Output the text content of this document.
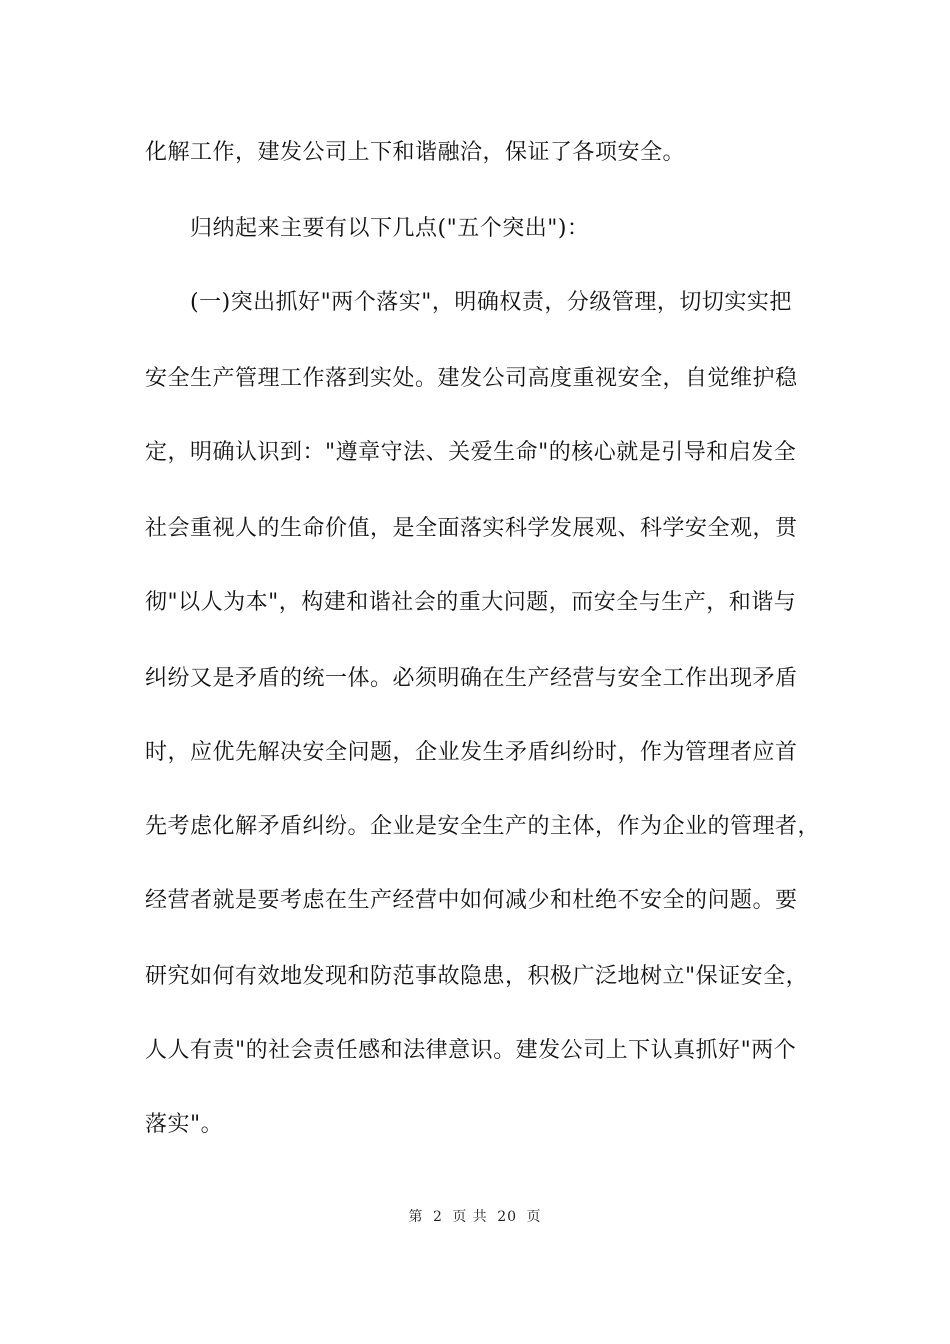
化解工作，建发公司上下和谐融洽，保证了各项安全。
　　归纳起来主要有以下几点("五个突出")：
　　(一)突出抓好"两个落实"，明确权责，分级管理，切切实实把
安全生产管理工作落到实处。建发公司高度重视安全，自觉维护稳
定，明确认识到："遵章守法、关爱生命"的核心就是引导和启发全
社会重视人的生命价值，是全面落实科学发展观、科学安全观，贯
彻"以人为本"，构建和谐社会的重大问题，而安全与生产，和谐与
纠纷又是矛盾的统一体。必须明确在生产经营与安全工作出现矛盾
时，应优先解决安全问题，企业发生矛盾纠纷时，作为管理者应首
先考虑化解矛盾纠纷。企业是安全生产的主体，作为企业的管理者，
经营者就是要考虑在生产经营中如何减少和杜绝不安全的问题。要
研究如何有效地发现和防范事故隐患，积极广泛地树立"保证安全，
人人有责"的社会责任感和法律意识。建发公司上下认真抓好"两个
落实"。
第 2 页 共 20 页
